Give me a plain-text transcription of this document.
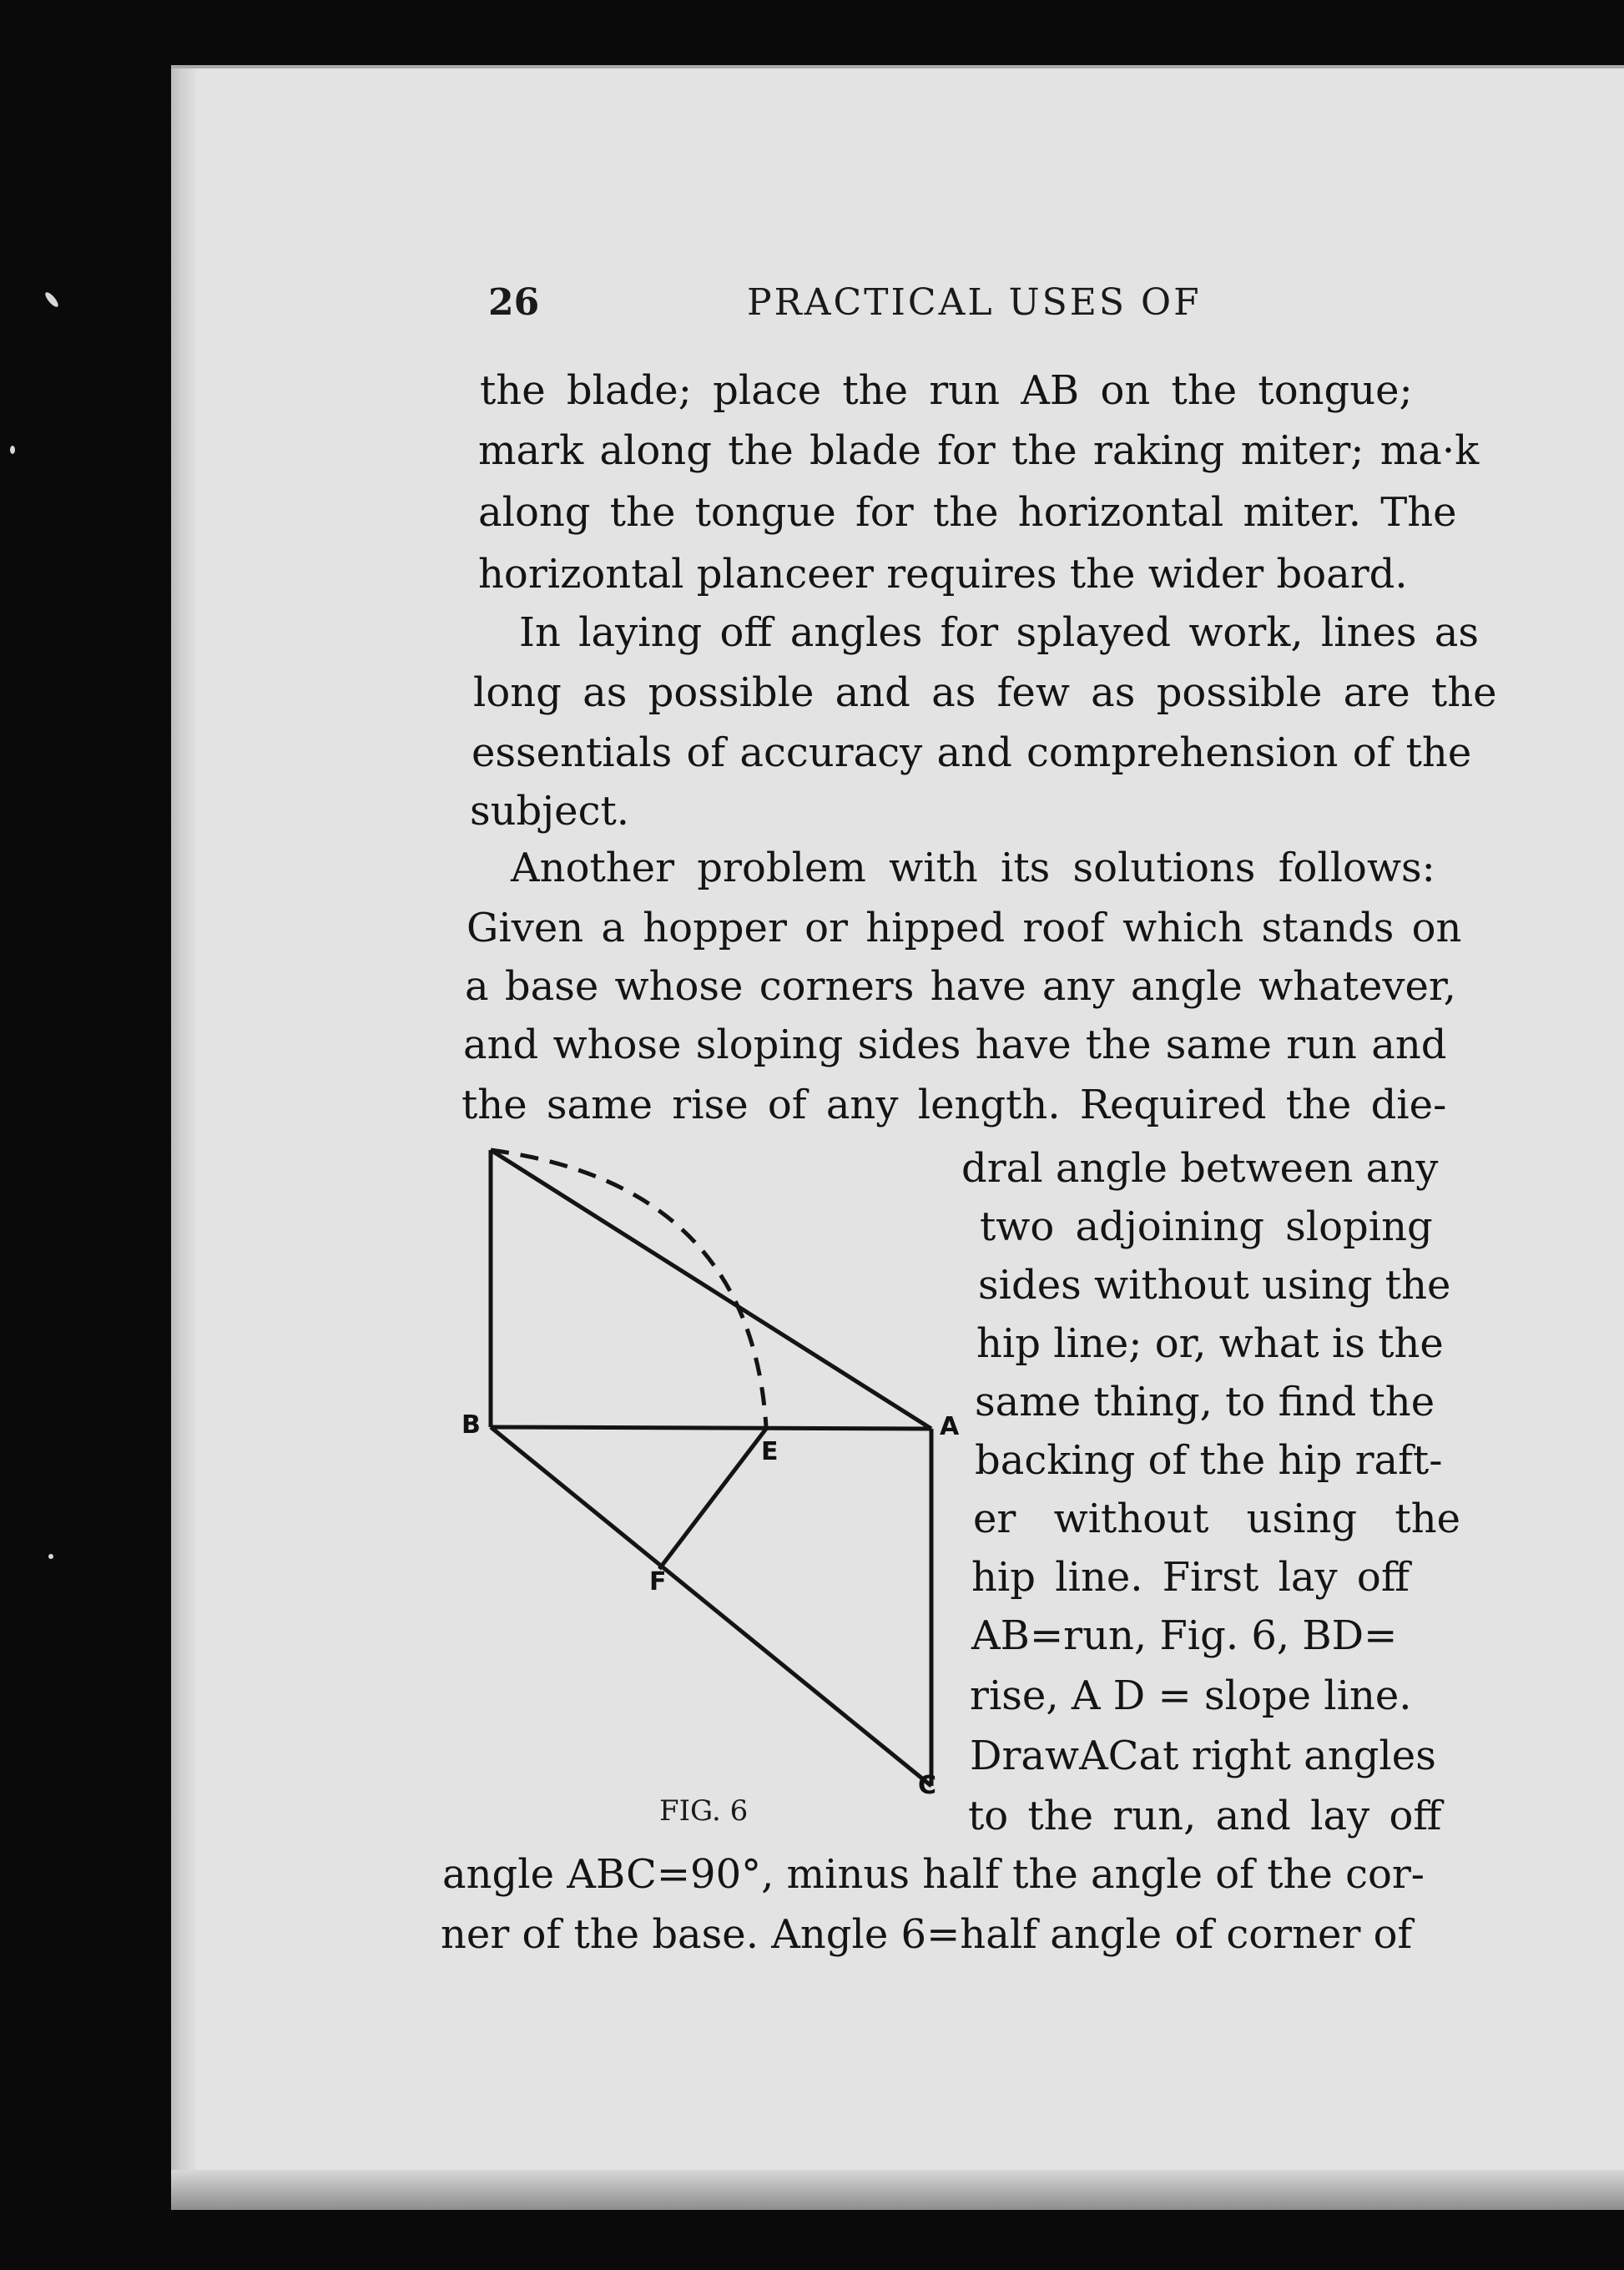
26	PRACTICAL USES OF
the blade; place the run AB on the tongue;
mark along the blade for the raking miter; ma·k
along the tongue for the horizontal miter. The
horizontal planceer requires the wider board.
In laying off angles for splayed work, lines as
long as possible and as few as possible are the
essentials of accuracy and comprehension of the
subject.
Another problem with its solutions follows:
Given a hopper or hipped roof which stands on
a base whose corners have any angle whatever,
and whose sloping sides have the same run and
the same rise of any length. Required the die-
dral angle between any
two adjoining sloping
sides without using the
hip line; or, what is the
same thing, to find the
backing of the hip raft-
er without using the
hip line. First lay off
AB=run, Fig. 6, BD=
rise, A D = slope line.
DrawACat right angles
to the run, and lay off
angle ABC=90°, minus half the angle of the cor-
ner of the base. Angle 6=half angle of corner of
B	A
E
F
C
FIG. 6
